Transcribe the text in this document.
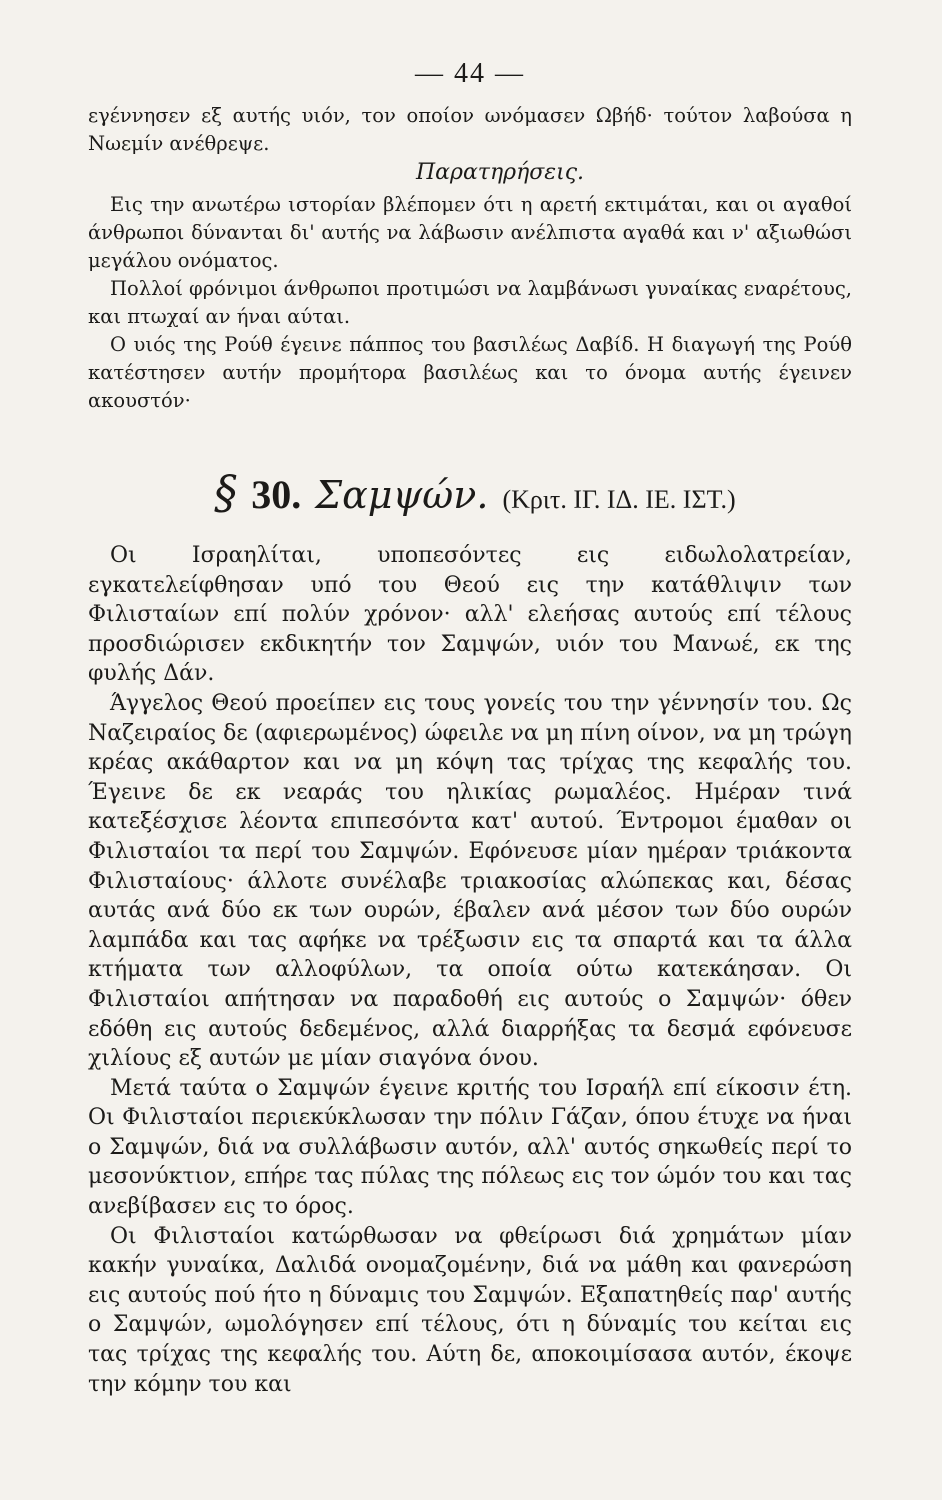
— 44 —

εγέννησεν εξ αυτής υιόν, τον οποίον ωνόμασεν Ωβήδ· τούτον λαβούσα η Νωεμίν ανέθρεψε.

Παρατηρήσεις.

Εις την ανωτέρω ιστορίαν βλέπομεν ότι η αρετή εκτιμάται, και οι αγαθοί άνθρωποι δύνανται δι' αυτής να λάβωσιν ανέλπιστα αγαθά και ν' αξιωθώσι μεγάλου ονόματος.

Πολλοί φρόνιμοι άνθρωποι προτιμώσι να λαμβάνωσι γυναίκας εναρέτους, και πτωχαί αν ήναι αύται.

Ο υιός της Ρούθ έγεινε πάππος του βασιλέως Δαβίδ. Η διαγωγή της Ρούθ κατέστησεν αυτήν προμήτορα βασιλέως και το όνομα αυτής έγεινεν ακουστόν·

§ 30. Σαμψών. (Κριτ. ΙΓ. ΙΔ. ΙΕ. ΙΣΤ.)

Οι Ισραηλίται, υποπεσόντες εις ειδωλολατρείαν, εγκατελείφθησαν υπό του Θεού εις την κατάθλιψιν των Φιλισταίων επί πολύν χρόνον· αλλ' ελεήσας αυτούς επί τέλους προσδιώρισεν εκδικητήν τον Σαμψών, υιόν του Μανωέ, εκ της φυλής Δάν.

Άγγελος Θεού προείπεν εις τους γονείς του την γέννησίν του. Ως Ναζειραίος δε (αφιερωμένος) ώφειλε να μη πίνη οίνον, να μη τρώγη κρέας ακάθαρτον και να μη κόψη τας τρίχας της κεφαλής του. Έγεινε δε εκ νεαράς του ηλικίας ρωμαλέος. Ημέραν τινά κατεξέσχισε λέοντα επιπεσόντα κατ' αυτού. Έντρομοι έμαθαν οι Φιλισταίοι τα περί του Σαμψών. Εφόνευσε μίαν ημέραν τριάκοντα Φιλισταίους· άλλοτε συνέλαβε τριακοσίας αλώπεκας και, δέσας αυτάς ανά δύο εκ των ουρών, έβαλεν ανά μέσον των δύο ουρών λαμπάδα και τας αφήκε να τρέξωσιν εις τα σπαρτά και τα άλλα κτήματα των αλλοφύλων, τα οποία ούτω κατεκάησαν. Οι Φιλισταίοι απήτησαν να παραδοθή εις αυτούς ο Σαμψών· όθεν εδόθη εις αυτούς δεδεμένος, αλλά διαρρήξας τα δεσμά εφόνευσε χιλίους εξ αυτών με μίαν σιαγόνα όνου.

Μετά ταύτα ο Σαμψών έγεινε κριτής του Ισραήλ επί είκοσιν έτη. Οι Φιλισταίοι περιεκύκλωσαν την πόλιν Γάζαν, όπου έτυχε να ήναι ο Σαμψών, διά να συλλάβωσιν αυτόν, αλλ' αυτός σηκωθείς περί το μεσονύκτιον, επήρε τας πύλας της πόλεως εις τον ώμόν του και τας ανεβίβασεν εις το όρος.

Οι Φιλισταίοι κατώρθωσαν να φθείρωσι διά χρημάτων μίαν κακήν γυναίκα, Δαλιδά ονομαζομένην, διά να μάθη και φανερώση εις αυτούς πού ήτο η δύναμις του Σαμψών. Εξαπατηθείς παρ' αυτής ο Σαμψών, ωμολόγησεν επί τέλους, ότι η δύναμίς του κείται εις τας τρίχας της κεφαλής του. Αύτη δε, αποκοιμίσασα αυτόν, έκοψε την κόμην του και
